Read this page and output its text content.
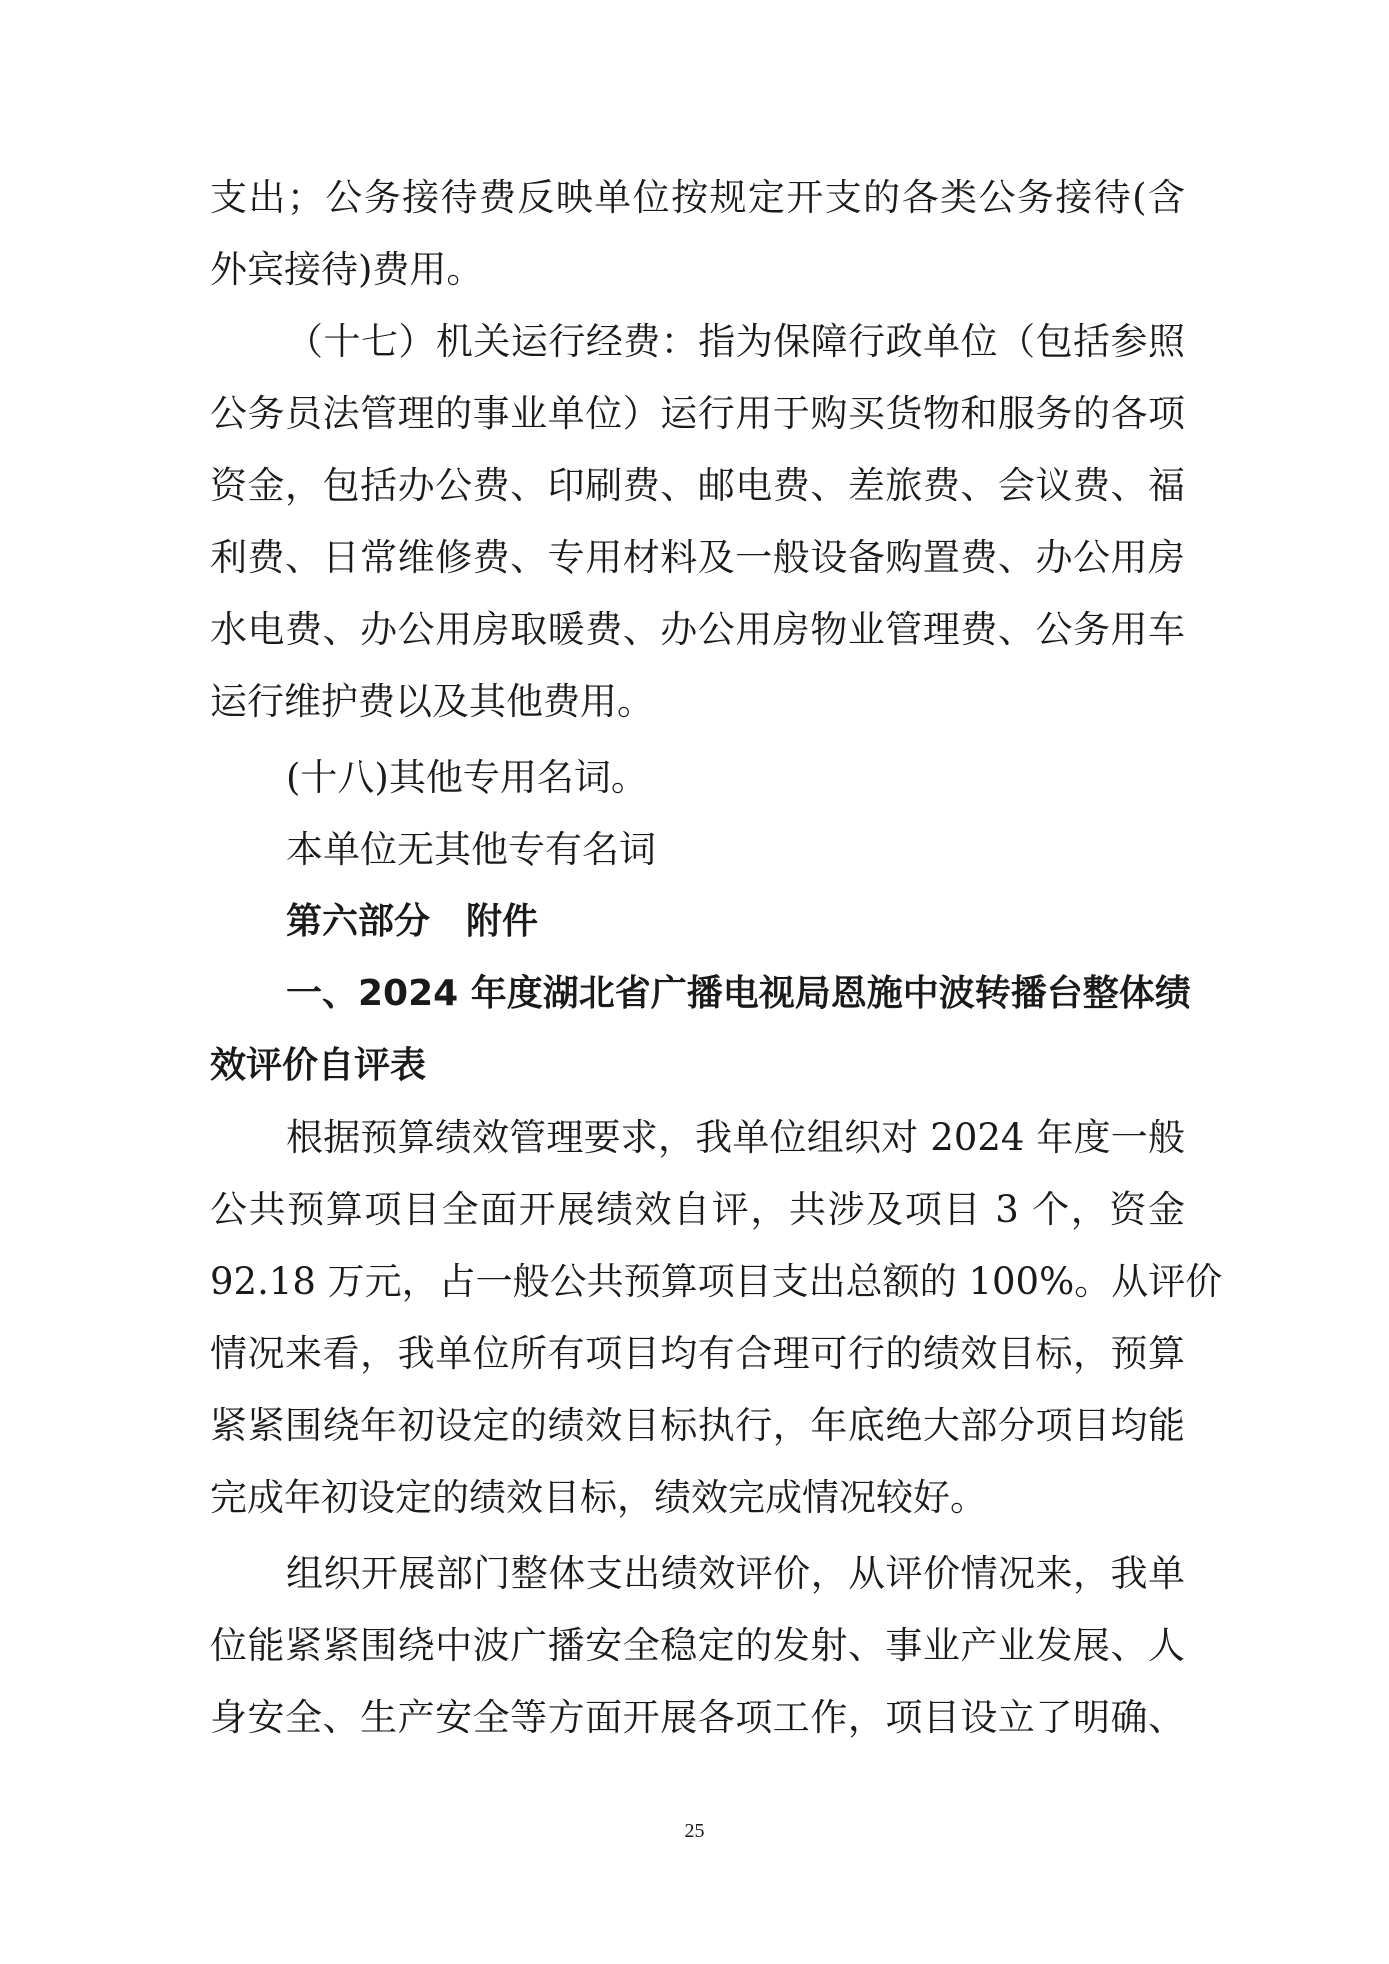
支出；公务接待费反映单位按规定开支的各类公务接待(含
外宾接待)费用。
（十七）机关运行经费：指为保障行政单位（包括参照
公务员法管理的事业单位）运行用于购买货物和服务的各项
资金，包括办公费、印刷费、邮电费、差旅费、会议费、福
利费、日常维修费、专用材料及一般设备购置费、办公用房
水电费、办公用房取暖费、办公用房物业管理费、公务用车
运行维护费以及其他费用。
(十八)其他专用名词。
本单位无其他专有名词
第六部分　附件
一、2024 年度湖北省广播电视局恩施中波转播台整体绩
效评价自评表
根据预算绩效管理要求，我单位组织对 2024 年度一般
公共预算项目全面开展绩效自评，共涉及项目 3 个，资金
92.18 万元，占一般公共预算项目支出总额的 100%。从评价
情况来看，我单位所有项目均有合理可行的绩效目标，预算
紧紧围绕年初设定的绩效目标执行，年底绝大部分项目均能
完成年初设定的绩效目标，绩效完成情况较好。
组织开展部门整体支出绩效评价，从评价情况来，我单
位能紧紧围绕中波广播安全稳定的发射、事业产业发展、人
身安全、生产安全等方面开展各项工作，项目设立了明确、
25
